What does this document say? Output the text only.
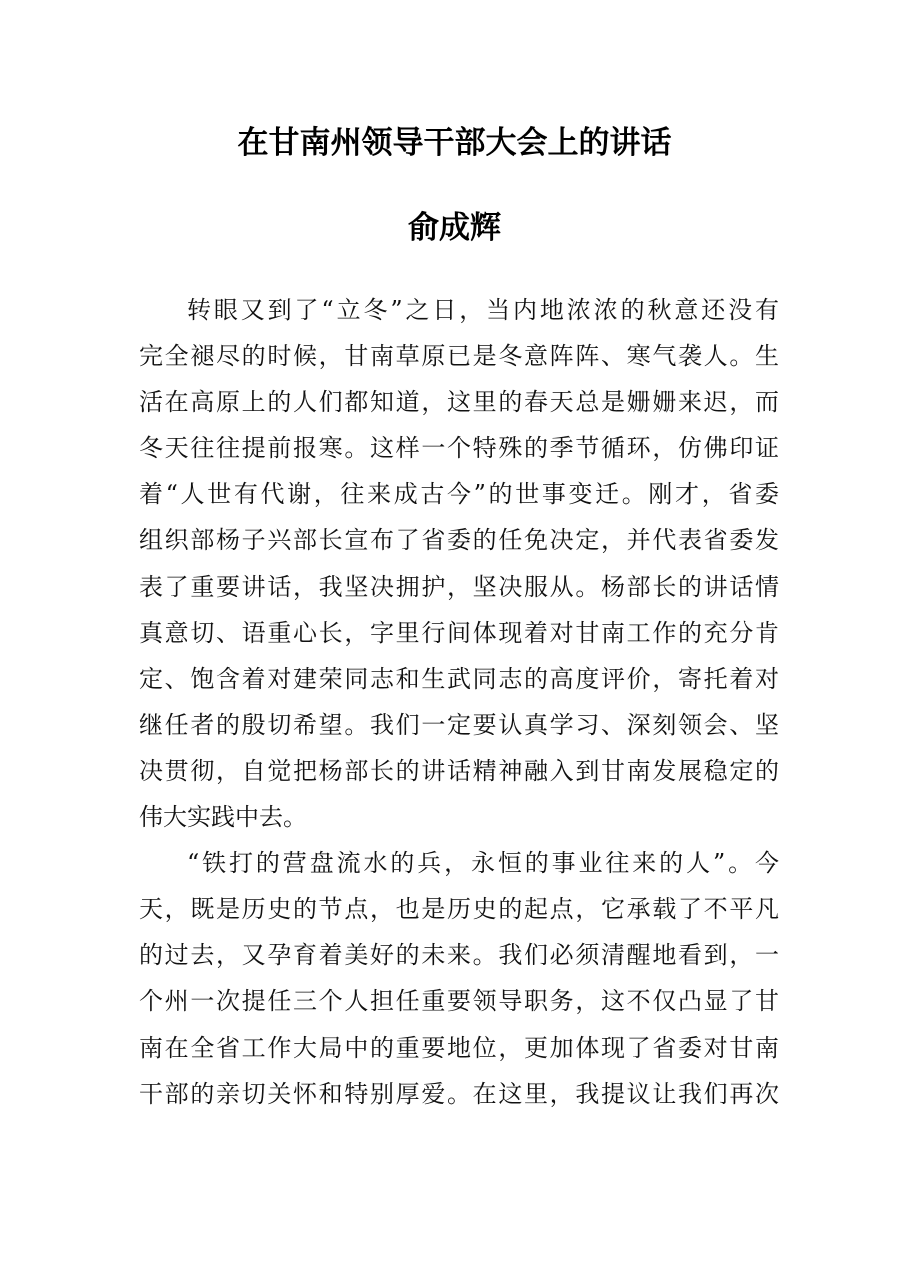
在甘南州领导干部大会上的讲话
俞成辉
转眼又到了“立冬”之日，当内地浓浓的秋意还没有
完全褪尽的时候，甘南草原已是冬意阵阵、寒气袭人。生
活在高原上的人们都知道，这里的春天总是姗姗来迟，而
冬天往往提前报寒。这样一个特殊的季节循环，仿佛印证
着“人世有代谢，往来成古今”的世事变迁。刚才，省委
组织部杨子兴部长宣布了省委的任免决定，并代表省委发
表了重要讲话，我坚决拥护，坚决服从。杨部长的讲话情
真意切、语重心长，字里行间体现着对甘南工作的充分肯
定、饱含着对建荣同志和生武同志的高度评价，寄托着对
继任者的殷切希望。我们一定要认真学习、深刻领会、坚
决贯彻，自觉把杨部长的讲话精神融入到甘南发展稳定的
伟大实践中去。
“铁打的营盘流水的兵，永恒的事业往来的人”。今
天，既是历史的节点，也是历史的起点，它承载了不平凡
的过去，又孕育着美好的未来。我们必须清醒地看到，一
个州一次提任三个人担任重要领导职务，这不仅凸显了甘
南在全省工作大局中的重要地位，更加体现了省委对甘南
干部的亲切关怀和特别厚爱。在这里，我提议让我们再次
